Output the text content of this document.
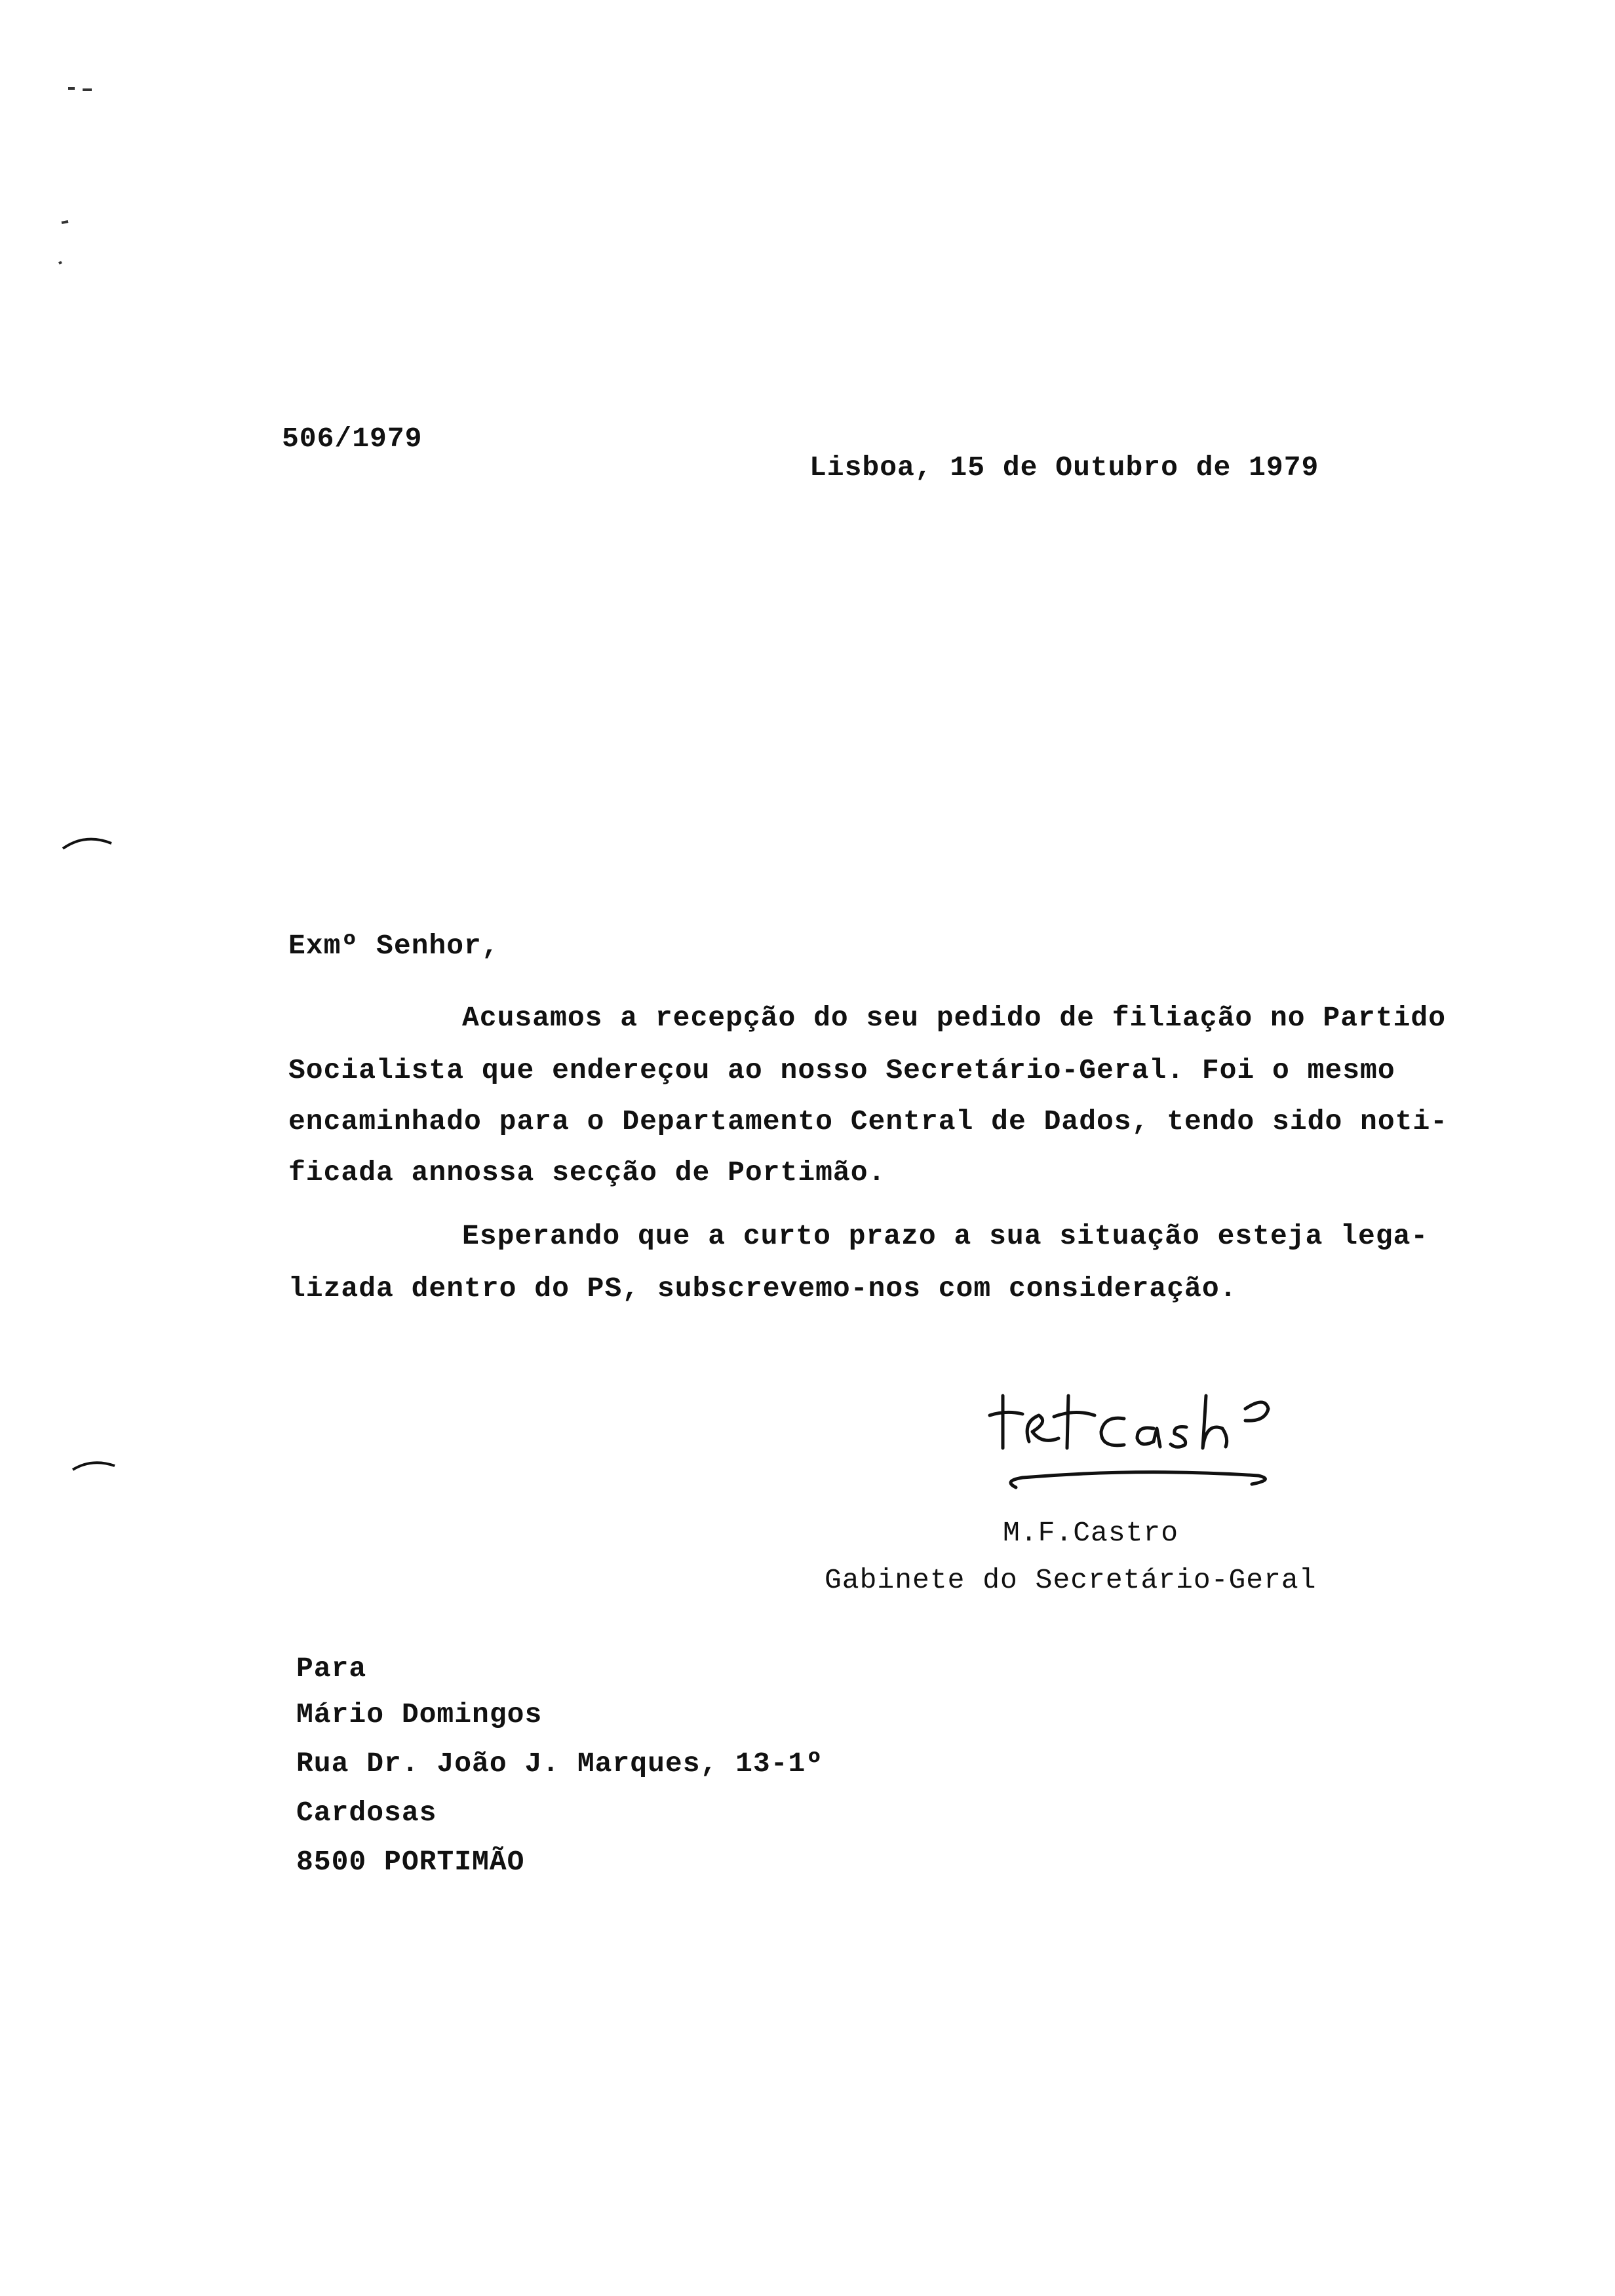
506/1979
Lisboa, 15 de Outubro de 1979
Exmº Senhor,
Acusamos a recepção do seu pedido de filiação no Partido
Socialista que endereçou ao nosso Secretário-Geral. Foi o mesmo
encaminhado para o Departamento Central de Dados, tendo sido noti-
ficada annossa secção de Portimão.
Esperando que a curto prazo a sua situação esteja lega-
lizada dentro do PS, subscrevemo-nos com consideração.
M.F.Castro
Gabinete do Secretário-Geral
Para
Mário Domingos
Rua Dr. João J. Marques, 13-1º
Cardosas
8500 PORTIMÃO
